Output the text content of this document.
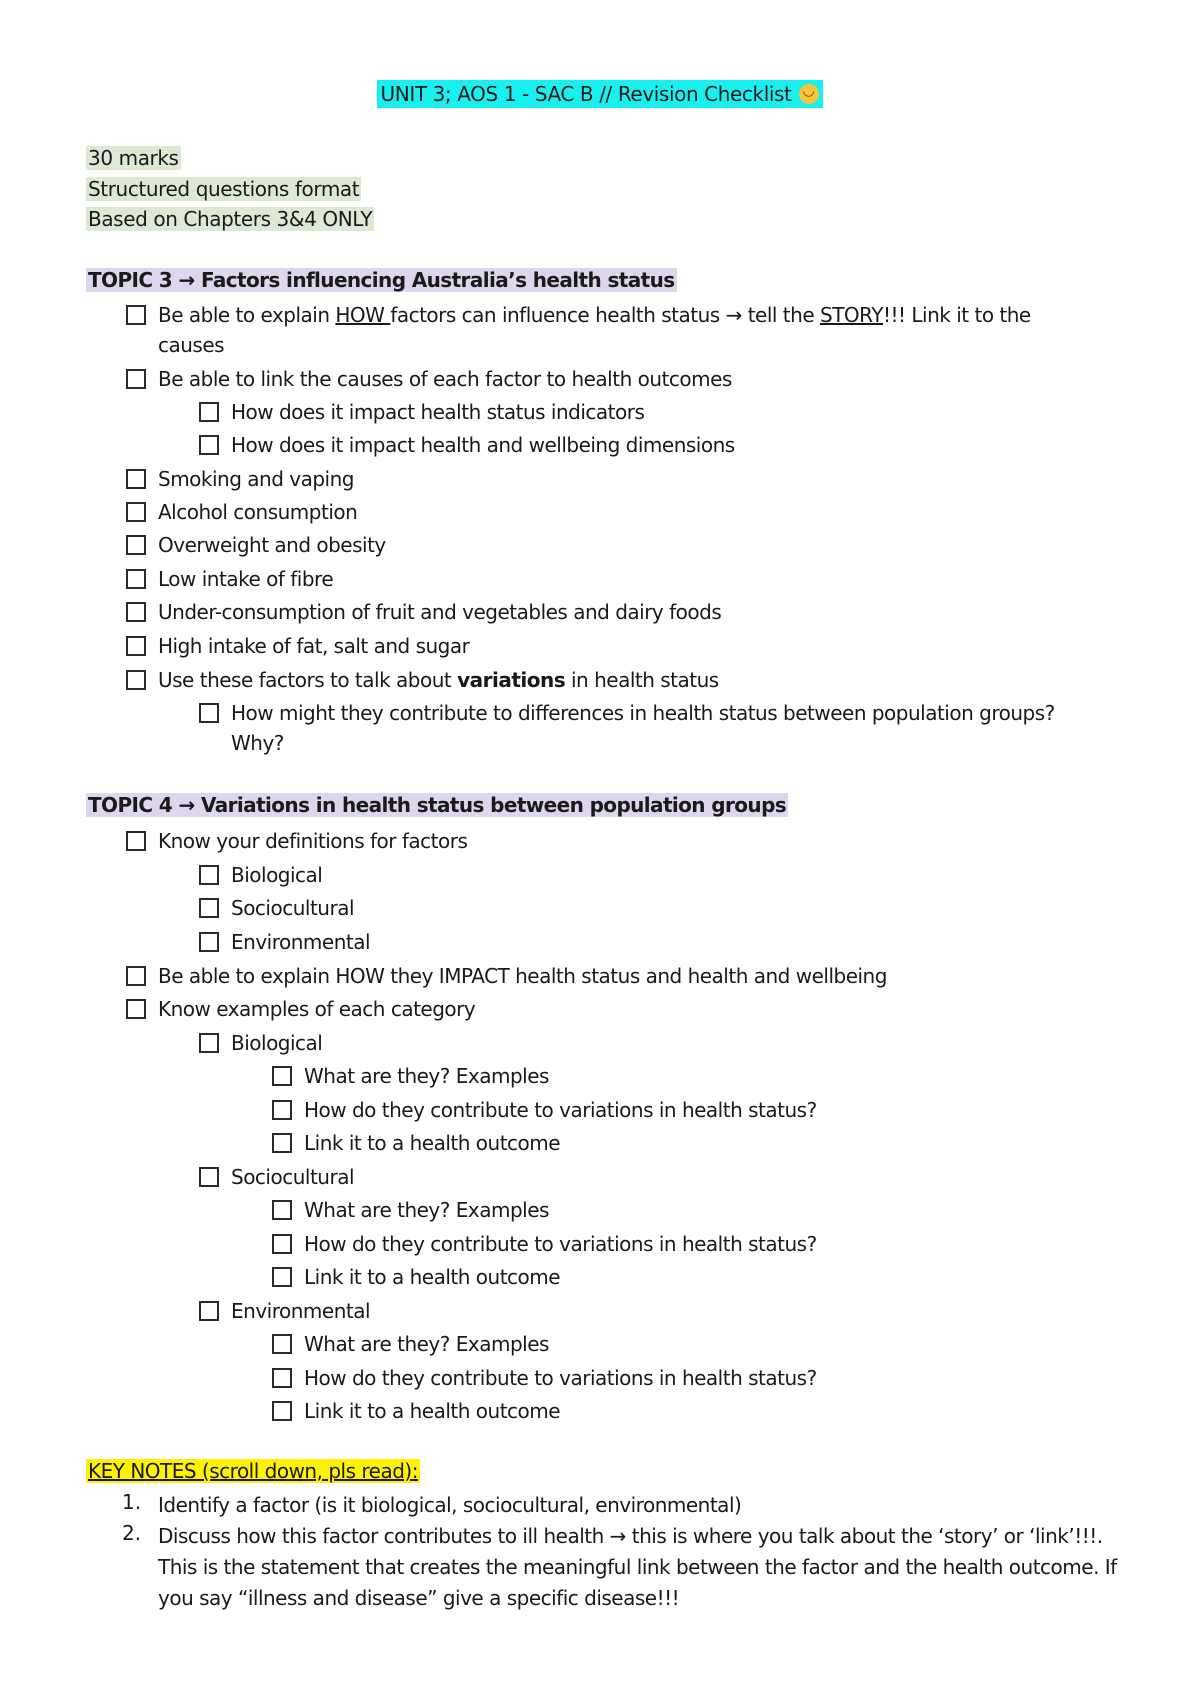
UNIT 3; AOS 1 - SAC B // Revision Checklist ◡
30 marks
Structured questions format
Based on Chapters 3&4 ONLY
TOPIC 3 → Factors influencing Australia’s health status
Be able to explain HOW factors can influence health status → tell the STORY!!! Link it to the causes
Be able to link the causes of each factor to health outcomes
How does it impact health status indicators
How does it impact health and wellbeing dimensions
Smoking and vaping
Alcohol consumption
Overweight and obesity
Low intake of fibre
Under-consumption of fruit and vegetables and dairy foods
High intake of fat, salt and sugar
Use these factors to talk about variations in health status
How might they contribute to differences in health status between population groups? Why?
TOPIC 4 → Variations in health status between population groups
Know your definitions for factors
Biological
Sociocultural
Environmental
Be able to explain HOW they IMPACT health status and health and wellbeing
Know examples of each category
Biological
What are they? Examples
How do they contribute to variations in health status?
Link it to a health outcome
Sociocultural
What are they? Examples
How do they contribute to variations in health status?
Link it to a health outcome
Environmental
What are they? Examples
How do they contribute to variations in health status?
Link it to a health outcome
KEY NOTES (scroll down, pls read):
1. Identify a factor (is it biological, sociocultural, environmental)
2. Discuss how this factor contributes to ill health → this is where you talk about the ‘story’ or ‘link’!!!. This is the statement that creates the meaningful link between the factor and the health outcome. If you say “illness and disease” give a specific disease!!!
